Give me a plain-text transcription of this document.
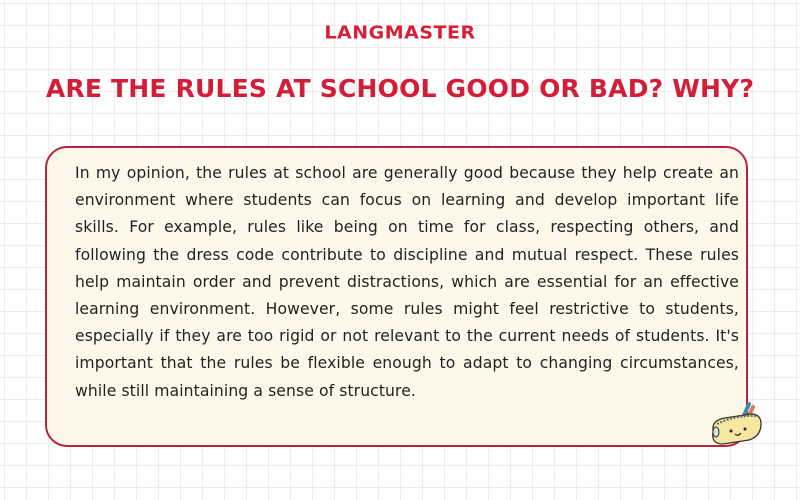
LANGMASTER
ARE THE RULES AT SCHOOL GOOD OR BAD? WHY?
In my opinion, the rules at school are generally good because they help create an environment where students can focus on learning and develop important life skills. For example, rules like being on time for class, respecting others, and following the dress code contribute to discipline and mutual respect. These rules help maintain order and prevent distractions, which are essential for an effective learning environment. However, some rules might feel restrictive to students, especially if they are too rigid or not relevant to the current needs of students. It's important that the rules be flexible enough to adapt to changing circumstances, while still maintaining a sense of structure.
